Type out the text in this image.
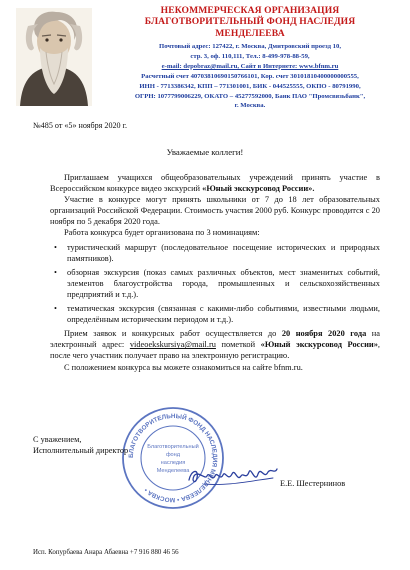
НЕКОММЕРЧЕСКАЯ ОРГАНИЗАЦИЯ
БЛАГОТВОРИТЕЛЬНЫЙ ФОНД НАСЛЕДИЯ
МЕНДЕЛЕЕВА
Почтовый адрес: 127422, г. Москва, Дмитровский проезд 10,
стр. 3, оф. 110,111, Тел.: 8-499-978-88-59,
e-mail: depobraz@mail.ru, Сайт в Интернете: www.bfnm.ru
Расчетный счет 40703810690150766101, Кор. счет 30101810400000000555,
ИНН - 7713386342, КПП – 771301001, БИК - 044525555, ОКПО - 80791990,
ОГРН: 1077799006229, ОКАТО – 45277592000, Банк ПАО "Промсвязьбанк",
г. Москва.
№485 от «5» ноября 2020 г.
Уважаемые коллеги!

Приглашаем учащихся общеобразовательных учреждений принять участие в Всероссийском конкурсе видео экскурсий «Юный экскурсовод России».

Участие в конкурсе могут принять школьники от 7 до 18 лет образовательных организаций Российской Федерации. Стоимость участия 2000 руб. Конкурс проводится с 20 ноября по 5 декабря 2020 года.

Работа конкурса будет организована по 3 номинациям:

• туристический маршрут (последовательное посещение исторических и природных памятников).
• обзорная экскурсия (показ самых различных объектов, мест знаменитых событий, элементов благоустройства города, промышленных и сельскохозяйственных предприятий и т.д.).
• тематическая экскурсия (связанная с какими-либо событиями, известными людьми, определённым историческим периодом и т.д.).

Прием заявок и конкурсных работ осуществляется до 20 ноября 2020 года на электронный адрес: videoekskursiya@mail.ru пометкой «Юный экскурсовод России», после чего участник получает право на электронную регистрацию.

С положением конкурса вы можете ознакомиться на сайте bfnm.ru.

БЛАГОТВОРИТЕЛЬНЫЙ ФОНД НАСЛЕДИЯ МЕНДЕЛЕЕВА • МОСКВА •
Благотворительный
фонд
наследия
Менделеева
С уважением,
Исполнительный директор
Е.Е. Шестернинов
Исп. Копурбаева Анара Абаевна +7 916 880 46 56
